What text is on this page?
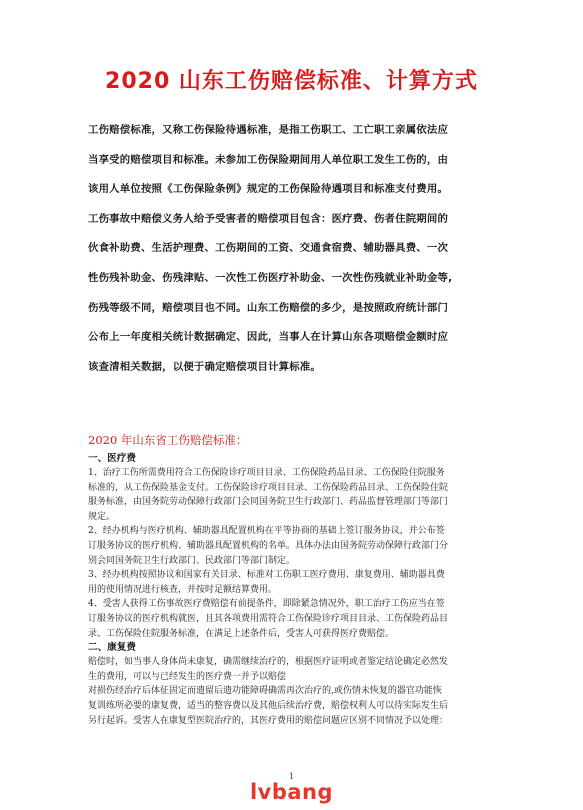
2020 山东工伤赔偿标准、计算方式

工伤赔偿标准，又称工伤保险待遇标准，是指工伤职工、工亡职工亲属依法应

当享受的赔偿项目和标准。未参加工伤保险期间用人单位职工发生工伤的，由

该用人单位按照《工伤保险条例》规定的工伤保险待遇项目和标准支付费用。

工伤事故中赔偿义务人给予受害者的赔偿项目包含：医疗费、伤者住院期间的

伙食补助费、生活护理费、工伤期间的工资、交通食宿费、辅助器具费、一次

性伤残补助金、伤残津贴、一次性工伤医疗补助金、一次性伤残就业补助金等,

伤残等级不同，赔偿项目也不同。山东工伤赔偿的多少，是按照政府统计部门

公布上一年度相关统计数据确定、因此，当事人在计算山东各项赔偿金额时应

该查清相关数据，以便于确定赔偿项目计算标准。

2020 年山东省工伤赔偿标准：

一、医疗费

1、治疗工伤所需费用符合工伤保险诊疗项目目录、工伤保险药品目录、工伤保险住院服务

标准的，从工伤保险基金支付。工伤保险诊疗项目目录、工伤保险药品目录、工伤保险住院

服务标准，由国务院劳动保障行政部门会同国务院卫生行政部门、药品监督管理部门等部门

规定。

2、经办机构与医疗机构、辅助器具配置机构在平等协商的基础上签订服务协议，并公布签

订服务协议的医疗机构、辅助器具配置机构的名单。具体办法由国务院劳动保障行政部门分

别会同国务院卫生行政部门、民政部门等部门制定。

3、经办机构按照协议和国家有关目录、标准对工伤职工医疗费用、康复费用、辅助器具费

用的使用情况进行核查，并按时足额结算费用。

4、受害人获得工伤事故医疗费赔偿有前提条件，即除紧急情况外，职工治疗工伤应当在签

订服务协议的医疗机构就医，且其各项费用需符合工伤保险诊疗项目目录、工伤保险药品目

录、工伤保险住院服务标准，在满足上述条件后，受害人可获得医疗费赔偿。

二、康复费

赔偿时，如当事人身体尚未康复，确需继续治疗的，根据医疗证明或者鉴定结论确定必然发

生的费用，可以与已经发生的医疗费一并予以赔偿

对损伤经治疗后体征固定而遗留后遗功能障碍确需再次治疗的,或伤情未恢复的器官功能恢

复训练所必要的康复费，适当的整容费以及其他后续治疗费，赔偿权利人可以待实际发生后

另行起诉。受害人在康复型医院治疗的，其医疗费用的赔偿问题应区别不同情况予以处理：

1
lvbang
